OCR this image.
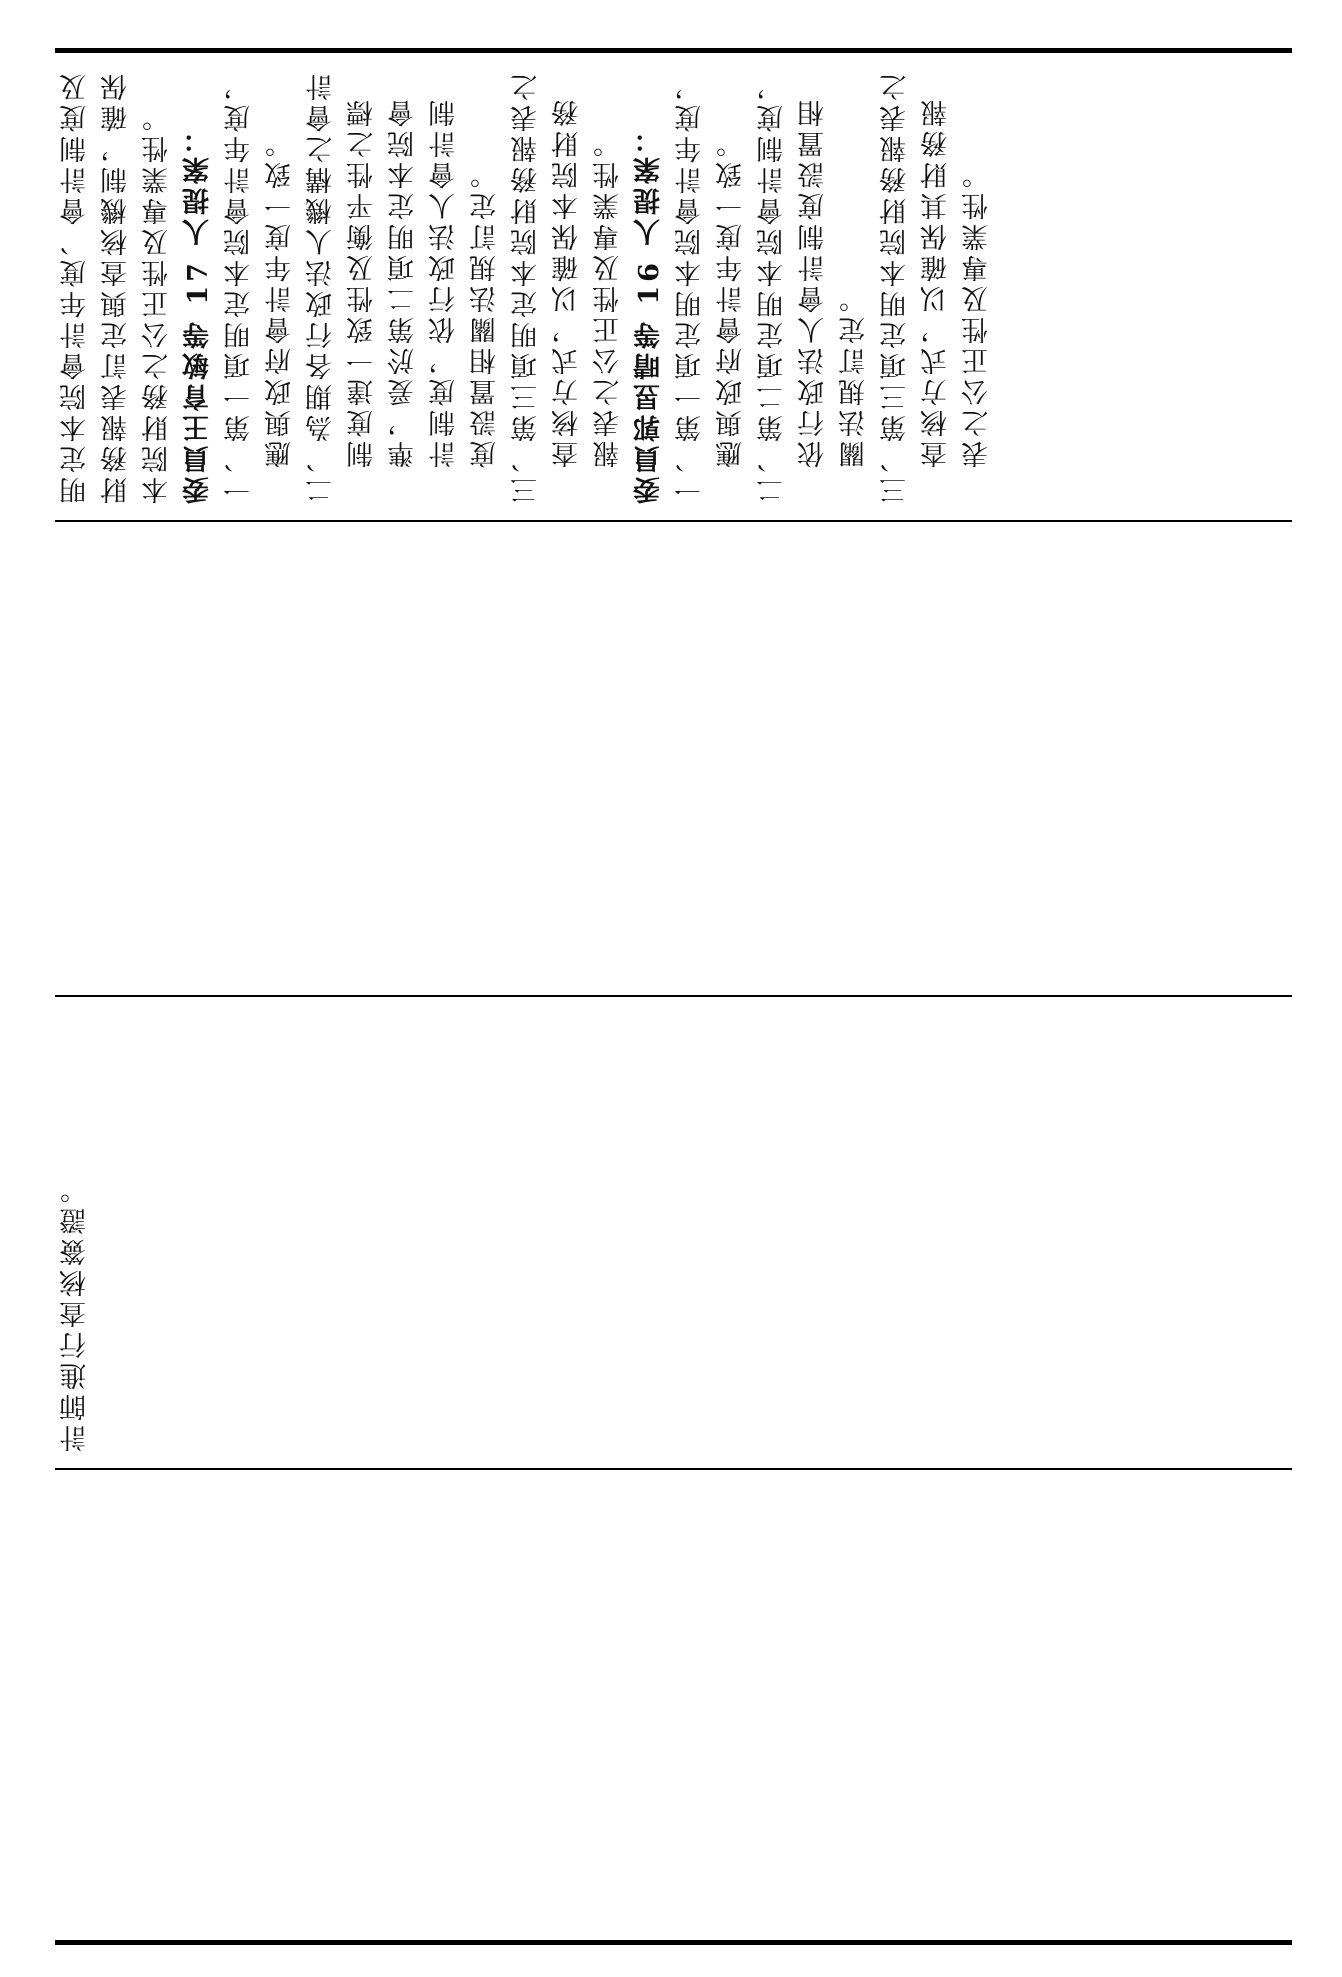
明定本院會計年度、會計制度及財務報表訂定與查核機制，確保本院財務之公正性及專業性。 委員王育敏等 17 人提案： 一、第一項明定本院會計年度，應與政府會計年度一致。 二、為期各行政法人機構之會計制度達一致性及衡平性之標準，爰於第二項明定本院會計制度，依行政法人會計制度設置相關法規訂定。 三、第三項明定本院財務報表之查核方式，以確保本院財務報表之公正性及專業性。 委員郭昱晴等 16 人提案： 一、第一項定明本院會計年度，應與政府會計年度一致。 二、第二項定明本院會計制度，依行政法人會計制度設置相關法規訂定。 三、第三項定明本院財務報表之查核方式，以確保其財務報表之公正性及專業性。

計師進行查核簽證。
